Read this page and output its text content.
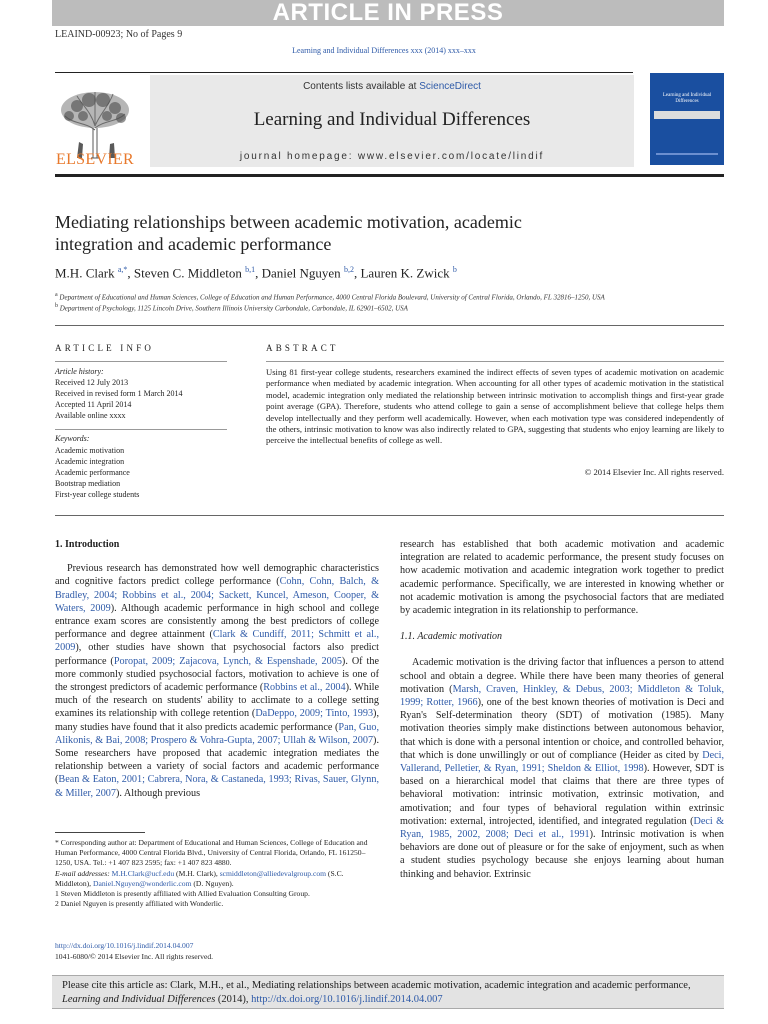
ARTICLE IN PRESS
LEAIND-00923; No of Pages 9
Learning and Individual Differences xxx (2014) xxx–xxx
ELSEVIER
Contents lists available at ScienceDirect
Learning and Individual Differences
journal homepage: www.elsevier.com/locate/lindif
Learning and Individual Differences
Mediating relationships between academic motivation, academic
integration and academic performance
M.H. Clark $^{a,*}$, Steven C. Middleton $^{b,1}$, Daniel Nguyen $^{b,2}$, Lauren K. Zwick $^b$
$^a$ Department of Educational and Human Sciences, College of Education and Human Performance, 4000 Central Florida Boulevard, University of Central Florida, Orlando, FL 32816–1250, USA
$^b$ Department of Psychology, 1125 Lincoln Drive, Southern Illinois University Carbondale, Carbondale, IL 62901–6502, USA
ARTICLE INFO
Article history:
Received 12 July 2013
Received in revised form 1 March 2014
Accepted 11 April 2014
Available online xxxx
Keywords:
Academic motivation
Academic integration
Academic performance
Bootstrap mediation
First-year college students
ABSTRACT
Using 81 first-year college students, researchers examined the indirect effects of seven types of academic motivation on academic performance when mediated by academic integration. When accounting for all other types of academic motivation in the statistical model, academic integration only mediated the relationship between intrinsic motivation to accomplish things and first-year grade point average (GPA). Therefore, students who attend college to gain a sense of accomplishment believe that college helps them develop intellectually and they perform well academically. However, when each motivation type was considered independently of the others, intrinsic motivation to know was also indirectly related to GPA, suggesting that students who enjoy learning are likely to perceive the intellectual benefits of college as well.
© 2014 Elsevier Inc. All rights reserved.

1. Introduction

Previous research has demonstrated how well demographic characteristics and cognitive factors predict college performance (Cohn, Cohn, Balch, & Bradley, 2004; Robbins et al., 2004; Sackett, Kuncel, Ameson, Cooper, & Waters, 2009). Although academic performance in high school and college entrance exam scores are consistently among the best predictors of college performance and degree attainment (Clark & Cundiff, 2011; Schmitt et al., 2009), other studies have shown that psychosocial factors also predict performance (Poropat, 2009; Zajacova, Lynch, & Espenshade, 2005). Of the more commonly studied psychosocial factors, motivation to achieve is one of the strongest predictors of academic performance (Robbins et al., 2004). While much of the research on students' ability to acclimate to a college setting examines its relationship with college retention (DaDeppo, 2009; Tinto, 1993), many studies have found that it also predicts academic performance (Pan, Guo, Alikonis, & Bai, 2008; Prospero & Vohra-Gupta, 2007; Ullah & Wilson, 2007). Some researchers have proposed that academic integration mediates the relationship between a variety of social factors and academic performance (Bean & Eaton, 2001; Cabrera, Nora, & Castaneda, 1993; Rivas, Sauer, Glynn, & Miller, 2007). Although previous

research has established that both academic motivation and academic integration are related to academic performance, the present study focuses on how academic motivation and academic integration work together to predict academic performance. Specifically, we are interested in knowing whether or not academic motivation is among the psychosocial factors that are mediated by academic integration in its relationship to performance.

1.1. Academic motivation

Academic motivation is the driving factor that influences a person to attend school and obtain a degree. While there have been many theories of general motivation (Marsh, Craven, Hinkley, & Debus, 2003; Middleton & Toluk, 1999; Rotter, 1966), one of the best known theories of motivation is Deci and Ryan's Self-determination theory (SDT) of motivation (1985). Many motivation theories simply make distinctions between autonomous behavior, that which is done with a personal intention or choice, and controlled behavior, that which is done unwillingly or out of compliance (Heider as cited by Deci, Vallerand, Pelletier, & Ryan, 1991; Sheldon & Elliot, 1998). However, SDT is based on a hierarchical model that claims that there are three types of behavioral motivation: intrinsic motivation, extrinsic motivation, and amotivation; and four types of behavioral regulation within extrinsic motivation: external, introjected, identified, and integrated regulation (Deci & Ryan, 1985, 2002, 2008; Deci et al., 1991). Intrinsic motivation is when behaviors are done out of pleasure or for the sake of enjoyment, such as when a student studies psychology because she enjoys learning about human thinking and behavior. Extrinsic

* Corresponding author at: Department of Educational and Human Sciences, College of Education and Human Performance, 4000 Central Florida Blvd., University of Central Florida, Orlando, FL 161250–1250, USA. Tel.: +1 407 823 2595; fax: +1 407 823 4880.
E-mail addresses: M.H.Clark@ucf.edu (M.H. Clark), scmiddleton@alliedevalgroup.com (S.C. Middleton), Daniel.Nguyen@wonderlic.com (D. Nguyen).
1 Steven Middleton is presently affiliated with Allied Evaluation Consulting Group.
2 Daniel Nguyen is presently affiliated with Wonderlic.
http://dx.doi.org/10.1016/j.lindif.2014.04.007
1041-6080/© 2014 Elsevier Inc. All rights reserved.
Please cite this article as: Clark, M.H., et al., Mediating relationships between academic motivation, academic integration and academic performance, Learning and Individual Differences (2014), http://dx.doi.org/10.1016/j.lindif.2014.04.007
